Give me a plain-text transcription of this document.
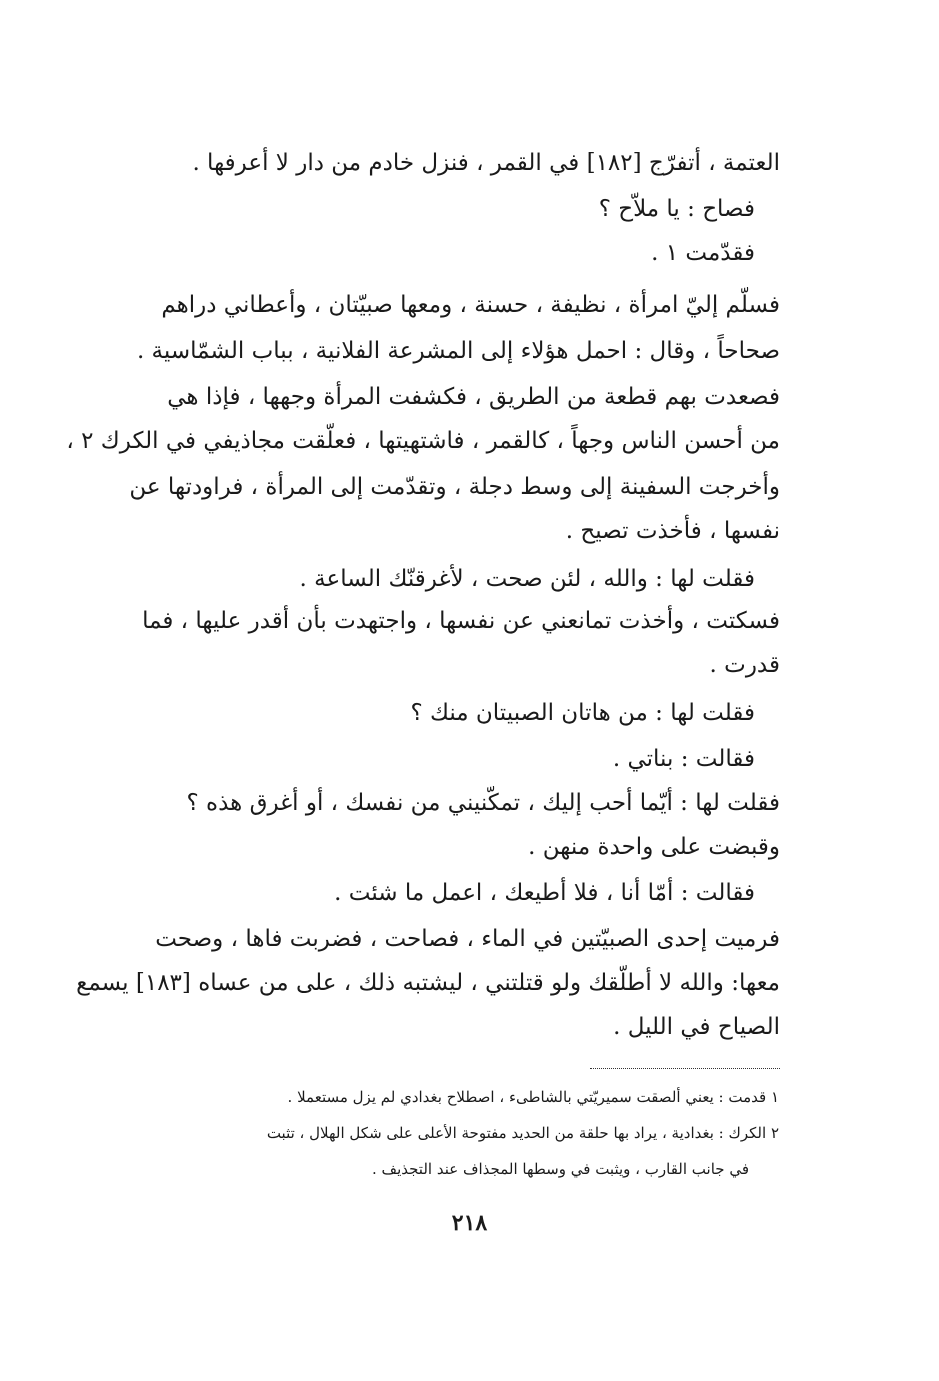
العتمة ، أتفرّج [١٨٢] في القمر ، فنزل خادم من دار لا أعرفها .
فصاح : يا ملاّح ؟
فقدّمت ١ .
فسلّم إليّ امرأة ، نظيفة ، حسنة ، ومعها صبيّتان ، وأعطاني دراهم
صحاحاً ، وقال : احمل هؤلاء إلى المشرعة الفلانية ، بباب الشمّاسية .
فصعدت بهم قطعة من الطريق ، فكشفت المرأة وجهها ، فإذا هي
من أحسن الناس وجهاً ، كالقمر ، فاشتهيتها ، فعلّقت مجاذيفي في الكرك ٢ ،
وأخرجت السفينة إلى وسط دجلة ، وتقدّمت إلى المرأة ، فراودتها عن
نفسها ، فأخذت تصيح .
فقلت لها : والله ، لئن صحت ، لأغرقنّك الساعة .
فسكتت ، وأخذت تمانعني عن نفسها ، واجتهدت بأن أقدر عليها ، فما
قدرت .
فقلت لها : من هاتان الصبيتان منك ؟
فقالت : بناتي .
فقلت لها : أيّما أحب إليك ، تمكّنيني من نفسك ، أو أغرق هذه ؟
وقبضت على واحدة منهن .
فقالت : أمّا أنا ، فلا أطيعك ، اعمل ما شئت .
فرميت إحدى الصبيّتين في الماء ، فصاحت ، فضربت فاها ، وصحت
معها: والله لا أطلّقك ولو قتلتني ، ليشتبه ذلك ، على من عساه [١٨٣] يسمع
الصياح في الليل .
١ قدمت : يعني ألصقت سميريّتي بالشاطىء ، اصطلاح بغدادي لم يزل مستعملا .
٢ الكرك : بغدادية ، يراد بها حلقة من الحديد مفتوحة الأعلى على شكل الهلال ، تثبت
في جانب القارب ، ويثبت في وسطها المجذاف عند التجذيف .
٢١٨
